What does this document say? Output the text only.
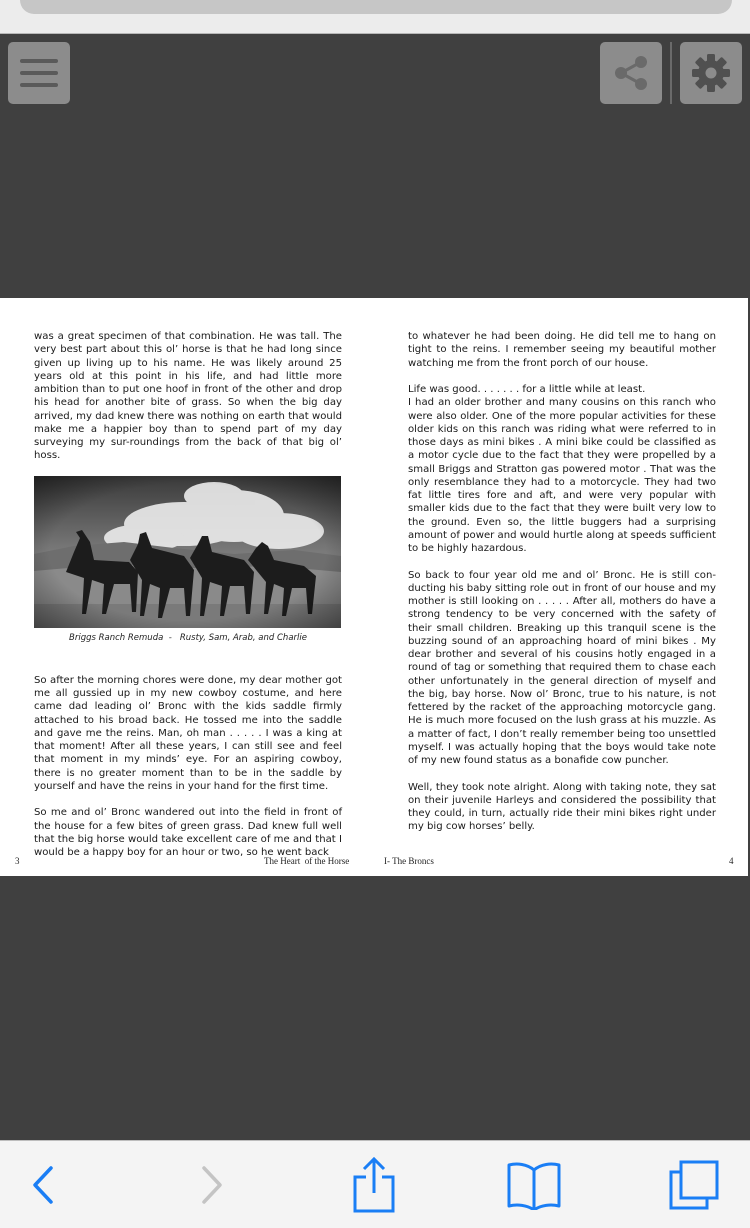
was a great specimen of that combination. He was tall. The very best part about this ol’ horse is that he had long since given up living up to his name. He was likely around 25 years old at this point in his life, and had little more ambition than to put one hoof in front of the other and drop his head for another bite of grass. So when the big day arrived, my dad knew there was nothing on earth that would make me a happier boy than to spend part of my day surveying my sur-roundings from the back of that big ol’ hoss.

Briggs Ranch Remuda  -   Rusty, Sam, Arab, and Charlie

So after the morning chores were done, my dear mother got me all gussied up in my new cowboy costume, and here came dad leading ol’ Bronc with the kids saddle firmly attached to his broad back. He tossed me into the saddle and gave me the reins. Man, oh man . . . . . I was a king at that moment! After all these years, I can still see and feel that moment in my minds’ eye. For an aspiring cowboy, there is no greater moment than to be in the saddle by yourself and have the reins in your hand for the first time.

So me and ol’ Bronc wandered out into the field in front of the house for a few bites of green grass. Dad knew full well that the big horse would take excellent care of me and that I would be a happy boy for an hour or two, so he went back

to whatever he had been doing. He did tell me to hang on tight to the reins. I remember seeing my beautiful mother watching me from the front porch of our house.

Life was good. . . . . . . for a little while at least.

I had an older brother and many cousins on this ranch who were also older. One of the more popular activities for these older kids on this ranch was riding what were referred to in those days as mini bikes . A mini bike could be classified as a motor cycle due to the fact that they were propelled by a small Briggs and Stratton gas powered motor . That was the only resemblance they had to a motorcycle. They had two fat little tires fore and aft, and were very popular with smaller kids due to the fact that they were built very low to the ground. Even so, the little buggers had a surprising amount of power and would hurtle along at speeds sufficient to be highly hazardous.

So back to four year old me and ol’ Bronc. He is still con-ducting his baby sitting role out in front of our house and my mother is still looking on . . . . . After all, mothers do have a strong tendency to be very concerned with the safety of their small children. Breaking up this tranquil scene is the buzzing sound of an approaching hoard of mini bikes . My dear brother and several of his cousins hotly engaged in a round of tag or something that required them to chase each other unfortunately in the general direction of myself and the big, bay horse. Now ol’ Bronc, true to his nature, is not fettered by the racket of the approaching motorcycle gang. He is much more focused on the lush grass at his muzzle. As a matter of fact, I don’t really remember being too unsettled myself. I was actually hoping that the boys would take note of my new found status as a bonafide cow puncher.

Well, they took note alright. Along with taking note, they sat on their juvenile Harleys and considered the possibility that they could, in turn, actually ride their mini bikes right under my big cow horses’ belly.

3	The Heart  of the Horse	I- The Broncs	4
